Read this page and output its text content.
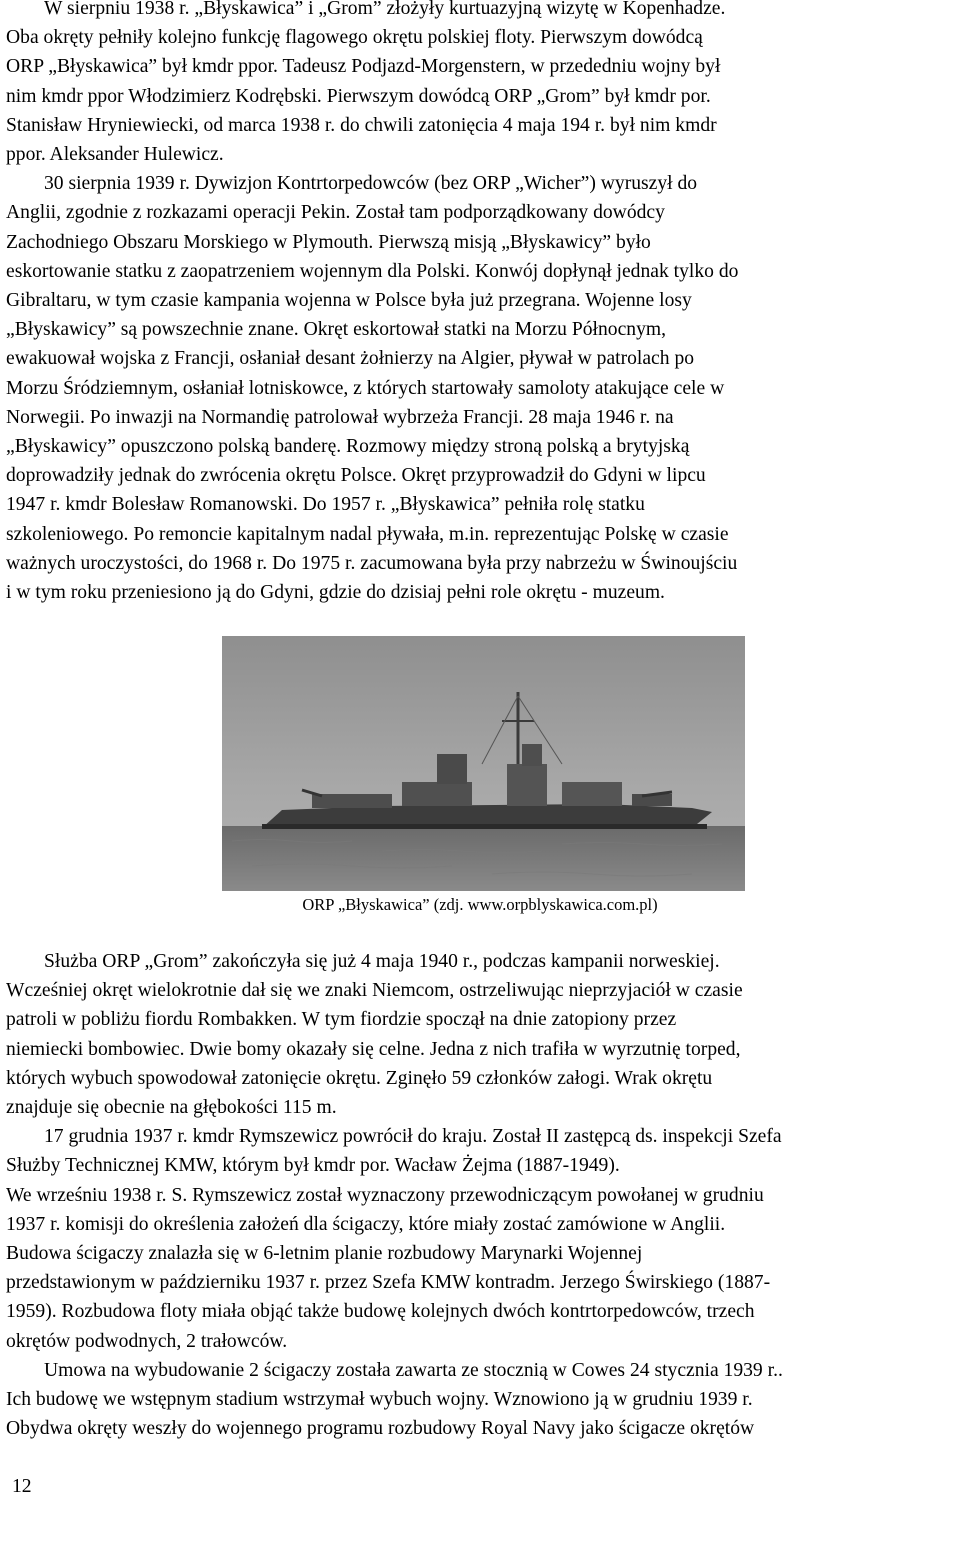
W sierpniu 1938 r. „Błyskawica” i „Grom” złożyły kurtuazyjną wizytę w Kopenhadze.
Oba okręty pełniły kolejno funkcję flagowego okrętu polskiej floty. Pierwszym dowódcą
ORP „Błyskawica” był kmdr ppor. Tadeusz Podjazd-Morgenstern, w przededniu wojny był
nim kmdr ppor Włodzimierz Kodrębski. Pierwszym dowódcą ORP „Grom” był kmdr por.
Stanisław Hryniewiecki, od marca 1938 r. do chwili zatonięcia 4 maja 194 r. był nim kmdr
ppor. Aleksander Hulewicz.
30 sierpnia 1939 r. Dywizjon Kontrtorpedowców (bez ORP „Wicher”) wyruszył do
Anglii, zgodnie z rozkazami operacji Pekin. Został tam podporządkowany dowódcy
Zachodniego Obszaru Morskiego w Plymouth. Pierwszą misją „Błyskawicy” było
eskortowanie statku z zaopatrzeniem wojennym dla Polski. Konwój dopłynął jednak tylko do
Gibraltaru, w tym czasie kampania wojenna w Polsce była już przegrana. Wojenne losy
„Błyskawicy” są powszechnie znane. Okręt eskortował statki na Morzu Północnym,
ewakuował wojska z Francji, osłaniał desant żołnierzy na Algier, pływał w patrolach po
Morzu Śródziemnym, osłaniał lotniskowce, z których startowały samoloty atakujące cele w
Norwegii. Po inwazji na Normandię patrolował wybrzeża Francji. 28 maja 1946 r. na
„Błyskawicy” opuszczono polską banderę. Rozmowy między stroną polską a brytyjską
doprowadziły jednak do zwrócenia okrętu Polsce. Okręt przyprowadził do Gdyni w lipcu
1947 r. kmdr Bolesław Romanowski. Do 1957 r. „Błyskawica” pełniła rolę statku
szkoleniowego. Po remoncie kapitalnym nadal pływała, m.in. reprezentując Polskę w czasie
ważnych uroczystości, do 1968 r. Do 1975 r. zacumowana była przy nabrzeżu w Świnoujściu
i w tym roku przeniesiono ją do Gdyni, gdzie do dzisiaj pełni role okrętu - muzeum.
ORP „Błyskawica” (zdj. www.orpblyskawica.com.pl)
Służba ORP „Grom” zakończyła się już 4 maja 1940 r., podczas kampanii norweskiej.
Wcześniej okręt wielokrotnie dał się we znaki Niemcom, ostrzeliwując nieprzyjaciół w czasie
patroli w pobliżu fiordu Rombakken. W tym fiordzie spoczął na dnie zatopiony przez
niemiecki bombowiec. Dwie bomy okazały się celne. Jedna z nich trafiła w wyrzutnię torped,
których wybuch spowodował zatonięcie okrętu. Zginęło 59 członków załogi. Wrak okrętu
znajduje się obecnie na głębokości 115 m.
17 grudnia 1937 r. kmdr Rymszewicz powrócił do kraju. Został II zastępcą ds. inspekcji Szefa
Służby Technicznej KMW, którym był kmdr por. Wacław Żejma (1887-1949).
We wrześniu 1938 r. S. Rymszewicz został wyznaczony przewodniczącym powołanej w grudniu
1937 r. komisji do określenia założeń dla ścigaczy, które miały zostać zamówione w Anglii.
Budowa ścigaczy znalazła się w 6-letnim planie rozbudowy Marynarki Wojennej
przedstawionym w październiku 1937 r. przez Szefa KMW kontradm. Jerzego Świrskiego (1887-
1959). Rozbudowa floty miała objąć także budowę kolejnych dwóch kontrtorpedowców, trzech
okrętów podwodnych, 2 trałowców.
Umowa na wybudowanie 2 ścigaczy została zawarta ze stocznią w Cowes 24 stycznia 1939 r..
Ich budowę we wstępnym stadium wstrzymał wybuch wojny. Wznowiono ją w grudniu 1939 r.
Obydwa okręty weszły do wojennego programu rozbudowy Royal Navy jako ścigacze okrętów
12
